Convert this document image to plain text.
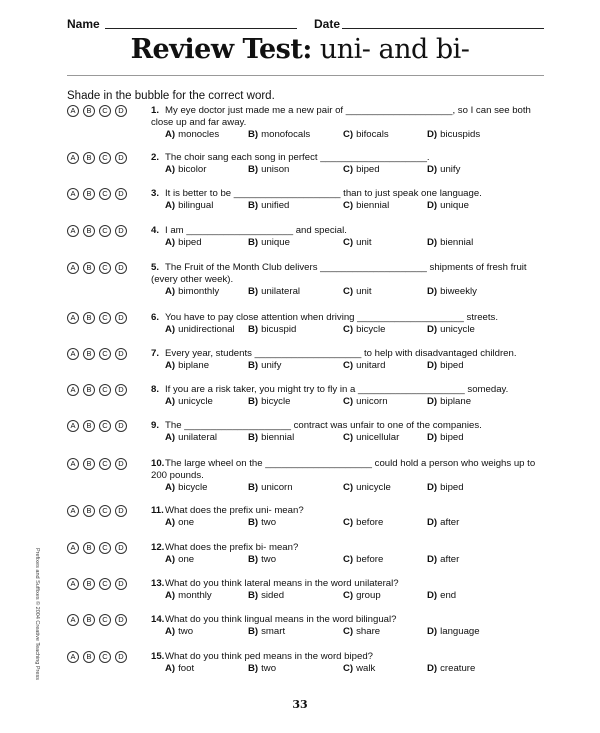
Name	Date
Review Test: uni- and bi-
Shade in the bubble for the correct word.
A	B	C	D	1. My eye doctor just made me a new pair of ____________________, so I can see both close up and far away.
A) monocles	B) monofocals	C) bifocals	D) bicuspids
A	B	C	D	2. The choir sang each song in perfect ____________________.
A) bicolor	B) unison	C) biped	D) unify
A	B	C	D	3. It is better to be ____________________ than to just speak one language.
A) bilingual	B) unified	C) biennial	D) unique
A	B	C	D	4. I am ____________________ and special.
A) biped	B) unique	C) unit	D) biennial
A	B	C	D	5. The Fruit of the Month Club delivers ____________________ shipments of fresh fruit (every other week).
A) bimonthly	B) unilateral	C) unit	D) biweekly
A	B	C	D	6. You have to pay close attention when driving ____________________ streets.
A) unidirectional B) bicuspid	C) bicycle	D) unicycle
A	B	C	D	7. Every year, students ____________________ to help with disadvantaged children.
A) biplane	B) unify	C) unitard	D) biped
A	B	C	D	8. If you are a risk taker, you might try to fly in a ____________________ someday.
A) unicycle	B) bicycle	C) unicorn	D) biplane
A	B	C	D	9. The ____________________ contract was unfair to one of the companies.
A) unilateral	B) biennial	C) unicellular	D) biped
A	B	C	D	10.The large wheel on the ____________________ could hold a person who weighs up to 200 pounds.
A) bicycle	B) unicorn	C) unicycle	D) biped
A	B	C	D	11.What does the prefix uni- mean?
A) one	B) two	C) before	D) after
A	B	C	D	12.What does the prefix bi- mean?
A) one	B) two	C) before	D) after
A	B	C	D	13.What do you think lateral means in the word unilateral?
A) monthly	B) sided	C) group	D) end
A	B	C	D	14.What do you think lingual means in the word bilingual?
A) two	B) smart	C) share	D) language
A	B	C	D	15.What do you think ped means in the word biped?
A) foot	B) two	C) walk	D) creature
Prefixes and Suffixes © 2004 Creative Teaching Press
33
